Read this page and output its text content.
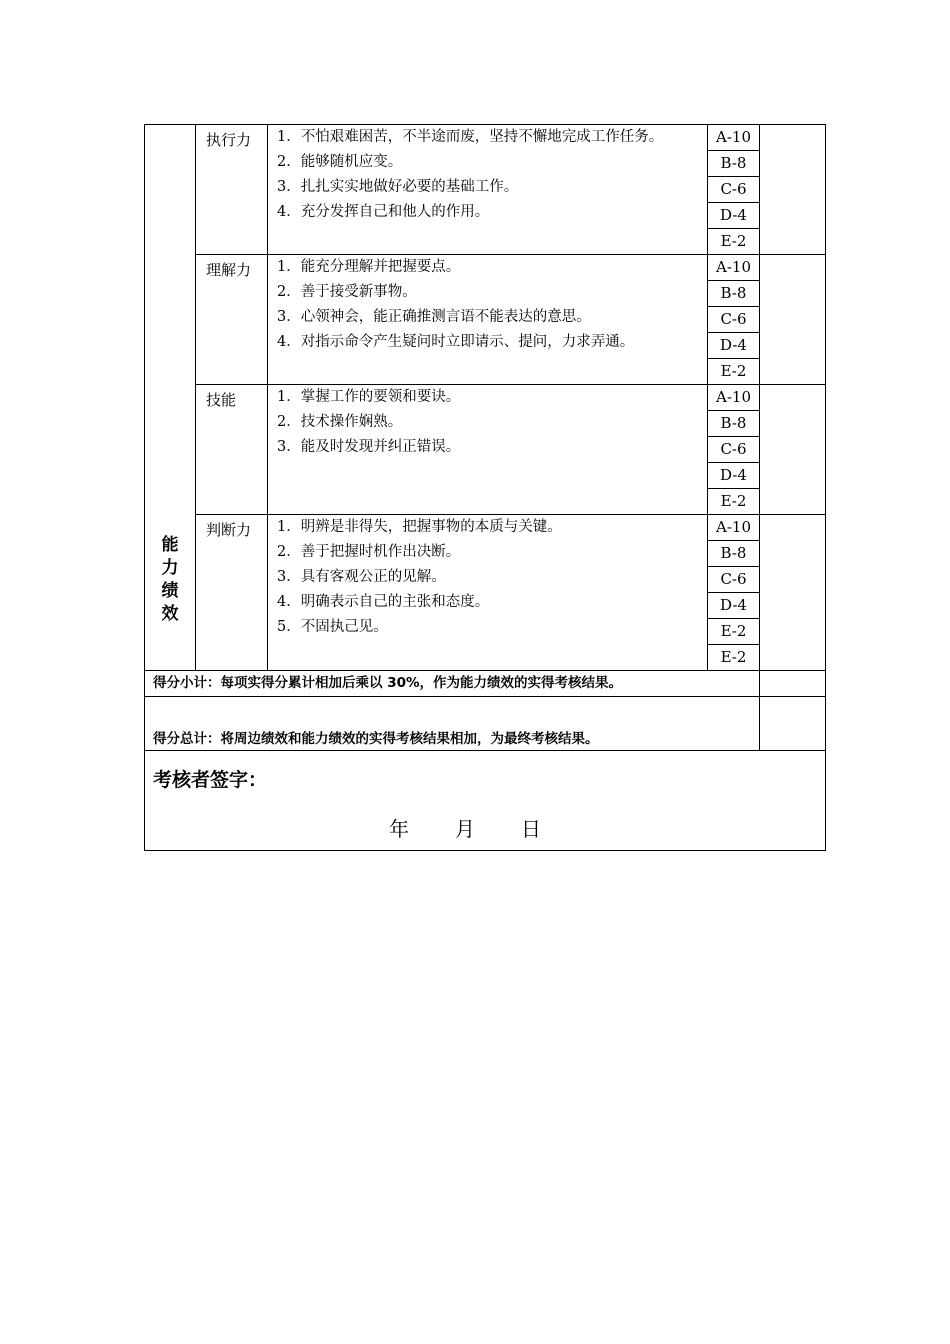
能力绩效	执行力	1．不怕艰难困苦，不半途而废，坚持不懈地完成工作任务。
2．能够随机应变。
3．扎扎实实地做好必要的基础工作。
4．充分发挥自己和他人的作用。	A-10	
			B-8	
			C-6	
			D-4	
			E-2	
	理解力	1．能充分理解并把握要点。
2．善于接受新事物。
3．心领神会，能正确推测言语不能表达的意思。
4．对指示命令产生疑问时立即请示、提问，力求弄通。	A-10	
			B-8	
			C-6	
			D-4	
			E-2	
	技能	1．掌握工作的要领和要诀。
2．技术操作娴熟。
3．能及时发现并纠正错误。	A-10	
			B-8	
			C-6	
			D-4	
			E-2	
	判断力	1．明辨是非得失，把握事物的本质与关键。
2．善于把握时机作出决断。
3．具有客观公正的见解。
4．明确表示自己的主张和态度。
5．不固执己见。	A-10	
			B-8	
			C-6	
			D-4	
			E-2	
			E-2	
得分小计：每项实得分累计相加后乘以 30%，作为能力绩效的实得考核结果。				
得分总计：将周边绩效和能力绩效的实得考核结果相加，为最终考核结果。				

考核者签字：
年 月 日				
